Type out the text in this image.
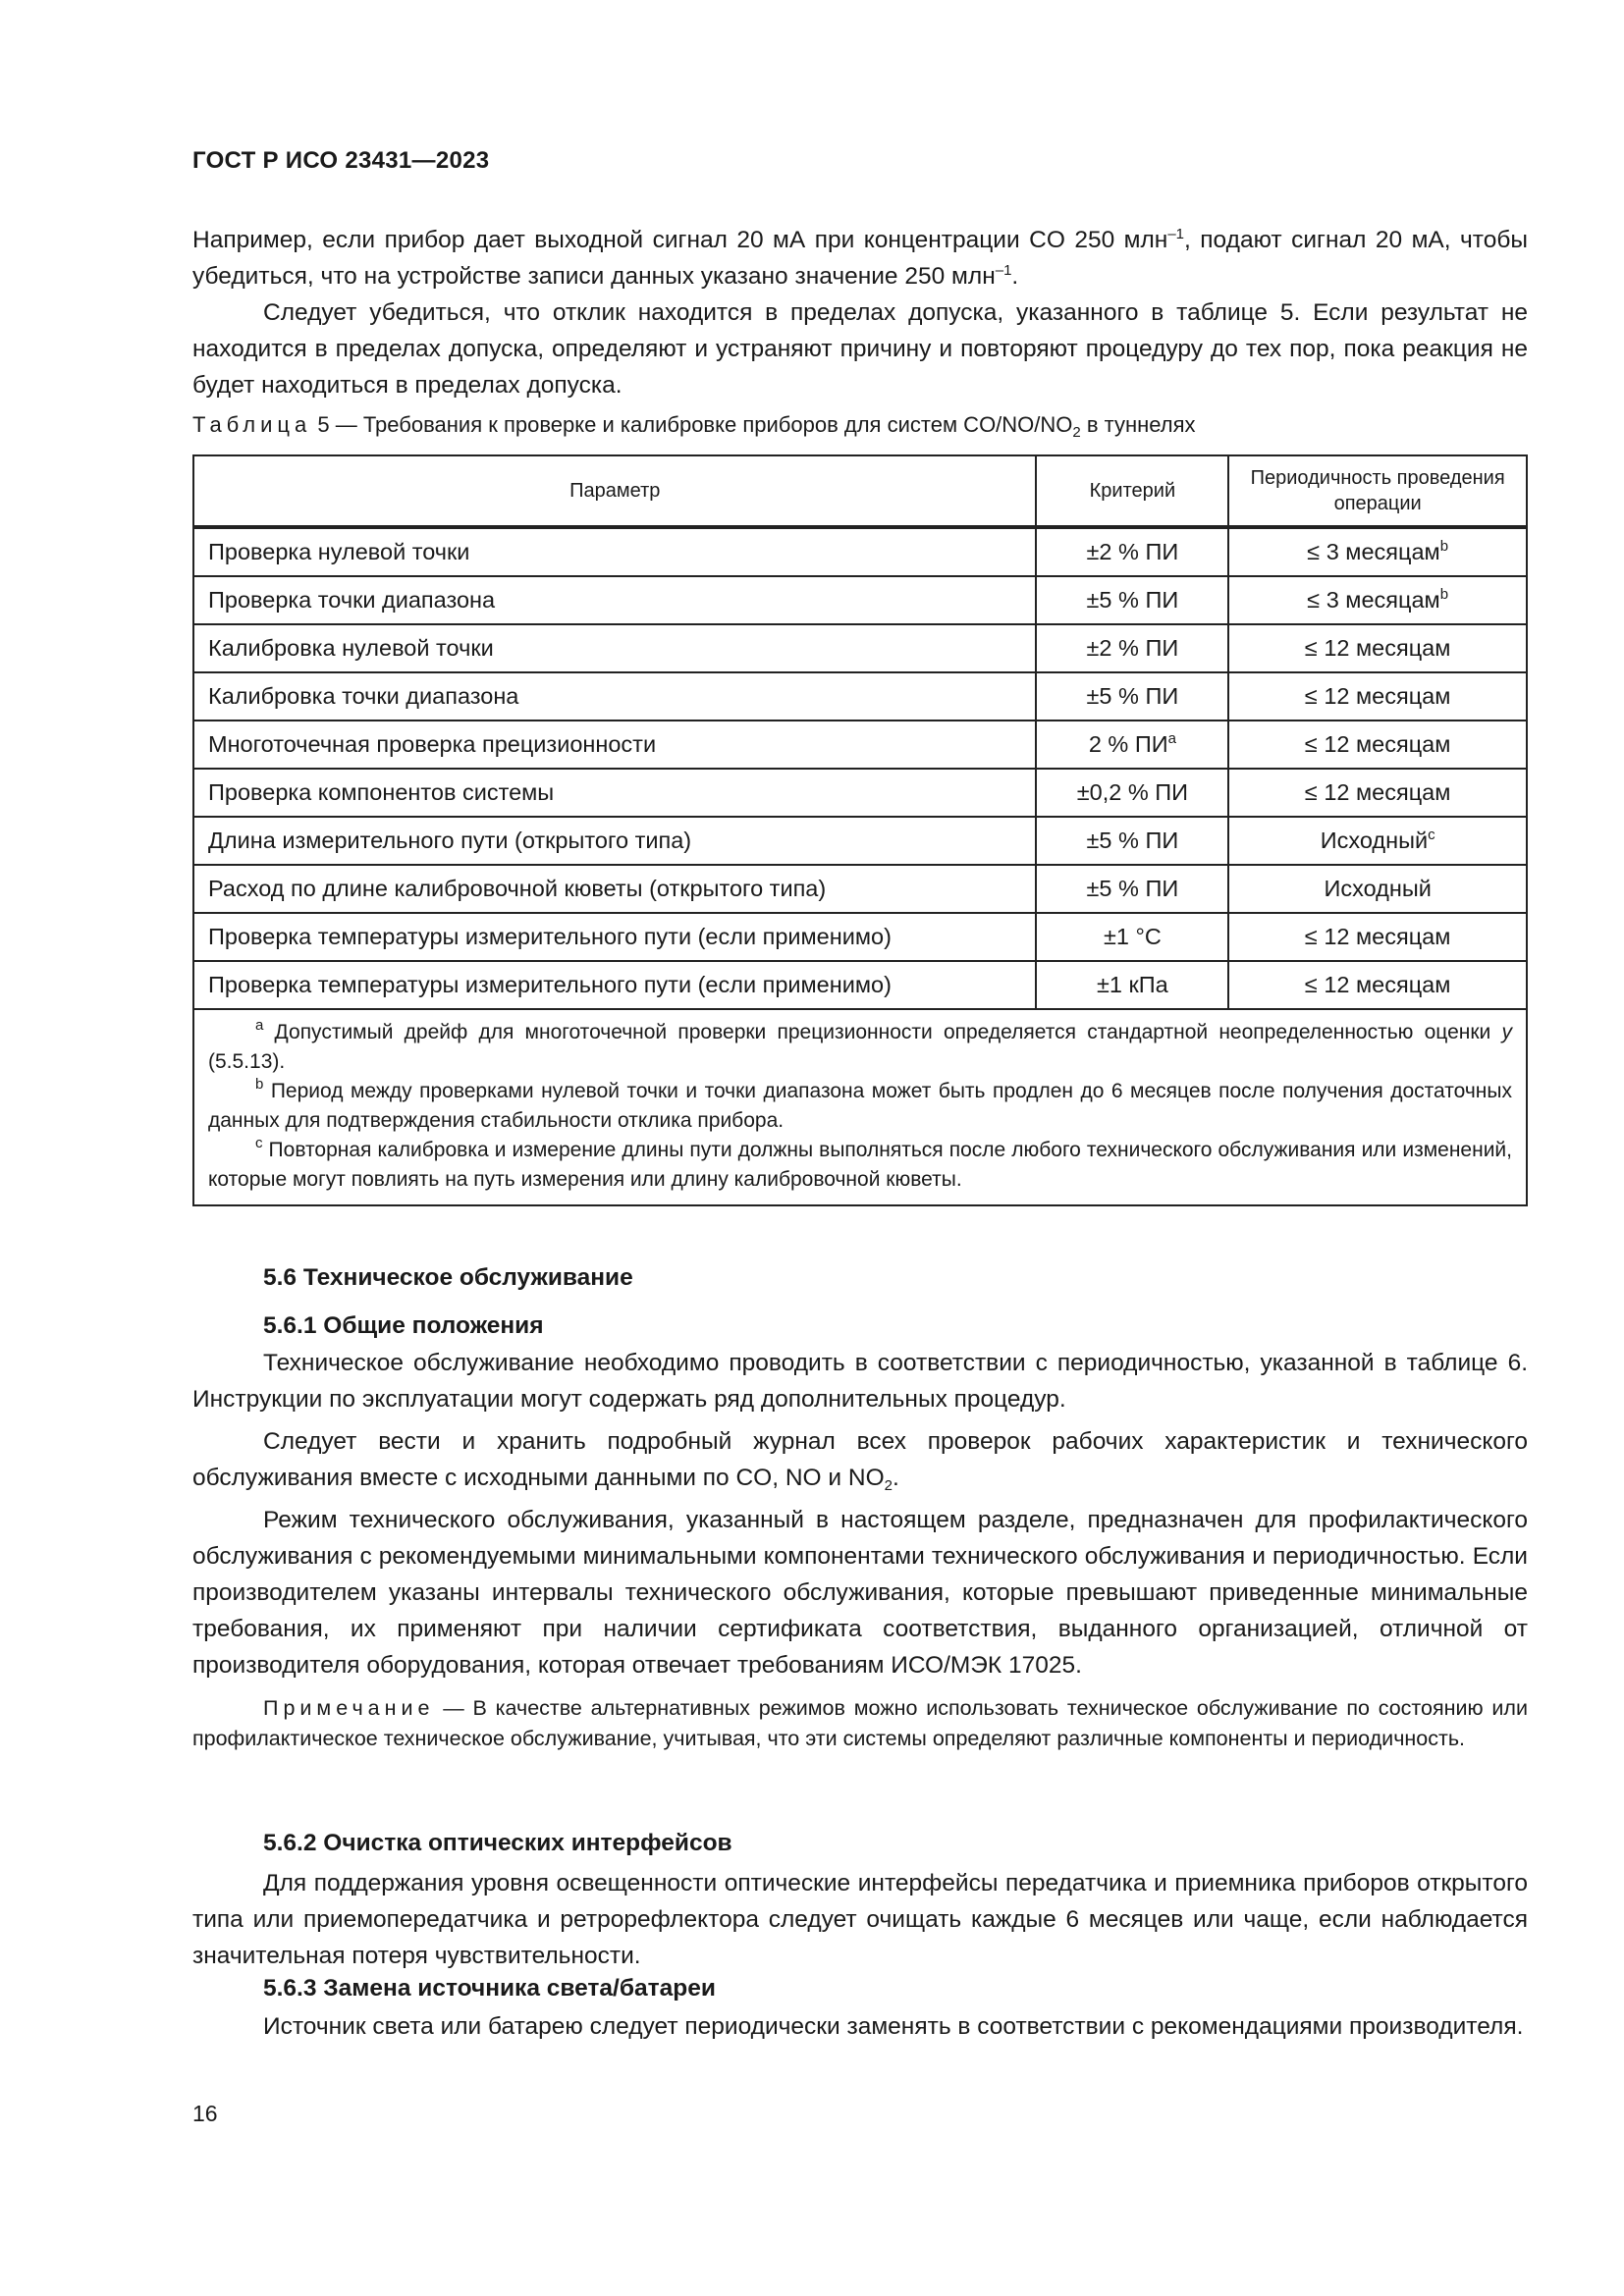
ГОСТ Р ИСО 23431—2023

Например, если прибор дает выходной сигнал 20 мА при концентрации CO 250 млн$^{-1}$, подают сигнал 20 мА, чтобы убедиться, что на устройстве записи данных указано значение 250 млн$^{-1}$.

Следует убедиться, что отклик находится в пределах допуска, указанного в таблице 5. Если результат не находится в пределах допуска, определяют и устраняют причину и повторяют процедуру до тех пор, пока реакция не будет находиться в пределах допуска.

Таблица 5 — Требования к проверке и калибровке приборов для систем $CO/NO/NO_2$ в туннелях
Параметр	Критерий	Периодичность проведения операции
Проверка нулевой точки	±2 % ПИ	≤ 3 месяцам$^b$
Проверка точки диапазона	±5 % ПИ	≤ 3 месяцам$^b$
Калибровка нулевой точки	±2 % ПИ	≤ 12 месяцам
Калибровка точки диапазона	±5 % ПИ	≤ 12 месяцам
Многоточечная проверка прецизионности	2 % $ПИ^a$	≤ 12 месяцам
Проверка компонентов системы	±0,2 % ПИ	≤ 12 месяцам
Длина измерительного пути (открытого типа)	±5 % ПИ	Исходный$^c$
Расход по длине калибровочной кюветы (открытого типа)	±5 % ПИ	Исходный
Проверка температуры измерительного пути (если применимо)	±1 °C	≤ 12 месяцам
Проверка температуры измерительного пути (если применимо)	±1 кПа	≤ 12 месяцам

$^a$ Допустимый дрейф для многоточечной проверки прецизионности определяется стандартной неопределенностью оценки y (5.5.13).
$^b$ Период между проверками нулевой точки и точки диапазона может быть продлен до 6 месяцев после получения достаточных данных для подтверждения стабильности отклика прибора.
$^c$ Повторная калибровка и измерение длины пути должны выполняться после любого технического обслуживания или изменений, которые могут повлиять на путь измерения или длину калибровочной кюветы.		
5.6 Техническое обслуживание
5.6.1 Общие положения

Техническое обслуживание необходимо проводить в соответствии с периодичностью, указанной в таблице 6. Инструкции по эксплуатации могут содержать ряд дополнительных процедур.

Следует вести и хранить подробный журнал всех проверок рабочих характеристик и технического обслуживания вместе с исходными данными по CO, NO и $NO_2$.

Режим технического обслуживания, указанный в настоящем разделе, предназначен для профилактического обслуживания с рекомендуемыми минимальными компонентами технического обслуживания и периодичностью. Если производителем указаны интервалы технического обслуживания, которые превышают приведенные минимальные требования, их применяют при наличии сертификата соответствия, выданного организацией, отличной от производителя оборудования, которая отвечает требованиям ИСО/МЭК 17025.

Примечание — В качестве альтернативных режимов можно использовать техническое обслуживание по состоянию или профилактическое техническое обслуживание, учитывая, что эти системы определяют различные компоненты и периодичность.

5.6.2 Очистка оптических интерфейсов

Для поддержания уровня освещенности оптические интерфейсы передатчика и приемника приборов открытого типа или приемопередатчика и ретрорефлектора следует очищать каждые 6 месяцев или чаще, если наблюдается значительная потеря чувствительности.

5.6.3 Замена источника света/батареи

Источник света или батарею следует периодически заменять в соответствии с рекомендациями производителя.

16
